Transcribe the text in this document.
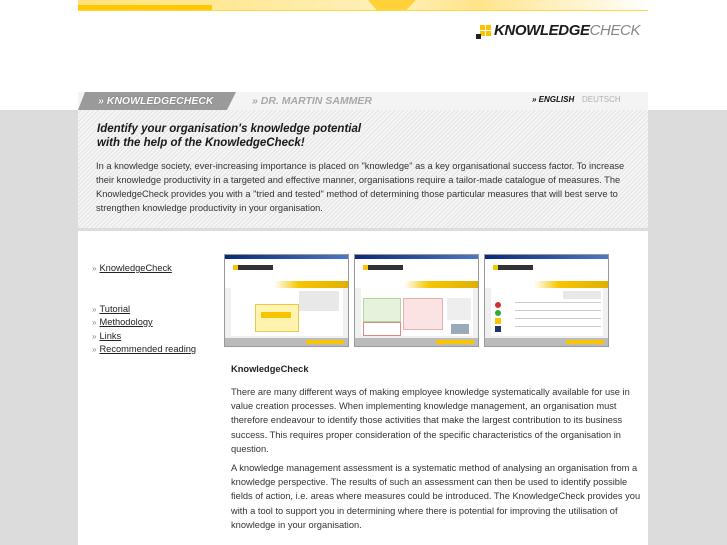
KNOWLEDGE CHECK
» KNOWLEDGECHECK	» DR. MARTIN SAMMER	» ENGLISH DEUTSCH
Identify your organisation's knowledge potential
with the help of the KnowledgeCheck!

In a knowledge society, ever-increasing importance is placed on "knowledge" as a key organisational success factor. To increase their knowledge productivity in a targeted and effective manner, organisations require a tailor-made catalogue of measures. The KnowledgeCheck provides you with a "tried and tested" method of determining those particular measures that will best serve to strengthen knowledge productivity in your organisation.

» KnowledgeCheck
» Tutorial
» Methodology
» Links
» Recommended reading
KnowledgeCheck

There are many different ways of making employee knowledge systematically available for use in value creation processes. When implementing knowledge management, an organisation must therefore endeavour to identify those activities that make the largest contribution to its business success. This requires proper consideration of the specific characteristics of the organisation in question.

A knowledge management assessment is a systematic method of analysing an organisation from a knowledge perspective. The results of such an assessment can then be used to identify possible fields of action, i.e. areas where measures could be introduced. The KnowledgeCheck provides you with a tool to support you in determining where there is potential for improving the utilisation of knowledge in your organisation.
